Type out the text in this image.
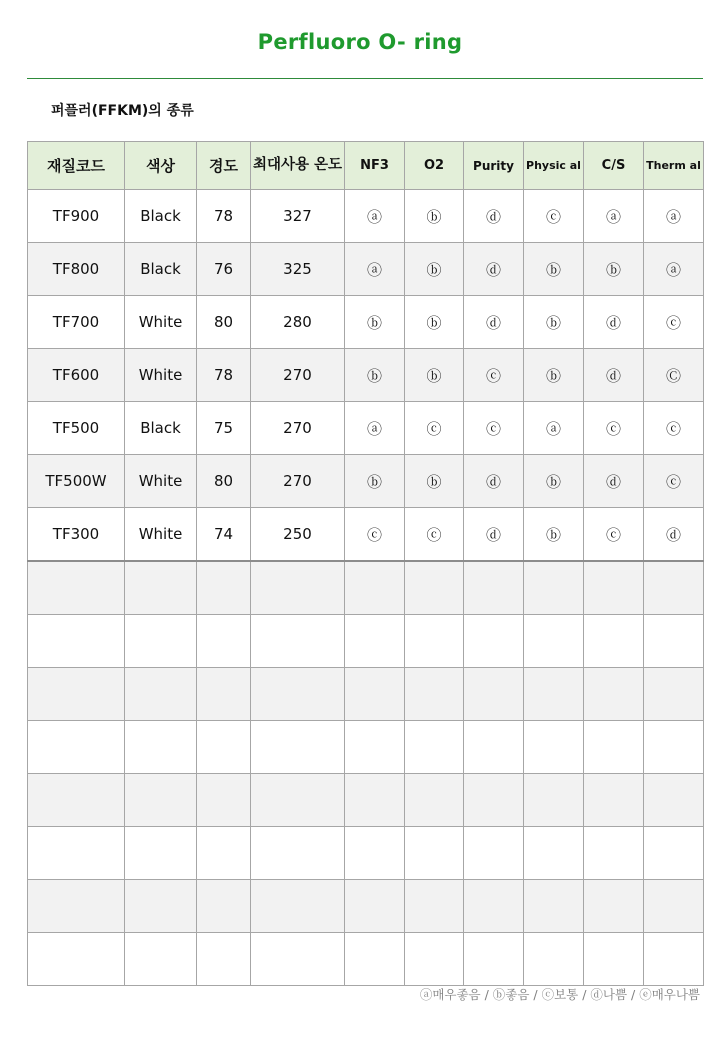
Perfluoro O- ring
퍼플러(FFKM)의 종류
재질코드	색상	경도	최대사용 온도	NF3	O2	Purity	Physic al	C/S	Therm al
TF900	Black	78	327	ⓐ	ⓑ	ⓓ	ⓒ	ⓐ	ⓐ
TF800	Black	76	325	ⓐ	ⓑ	ⓓ	ⓑ	ⓑ	ⓐ
TF700	White	80	280	ⓑ	ⓑ	ⓓ	ⓑ	ⓓ	ⓒ
TF600	White	78	270	ⓑ	ⓑ	ⓒ	ⓑ	ⓓ	Ⓒ
TF500	Black	75	270	ⓐ	ⓒ	ⓒ	ⓐ	ⓒ	ⓒ
TF500W	White	80	270	ⓑ	ⓑ	ⓓ	ⓑ	ⓓ	ⓒ
TF300	White	74	250	ⓒ	ⓒ	ⓓ	ⓑ	ⓒ	ⓓ

ⓐ매우좋음 / ⓑ좋음 / ⓒ보통 / ⓓ나쁨 / ⓔ매우나쁨
